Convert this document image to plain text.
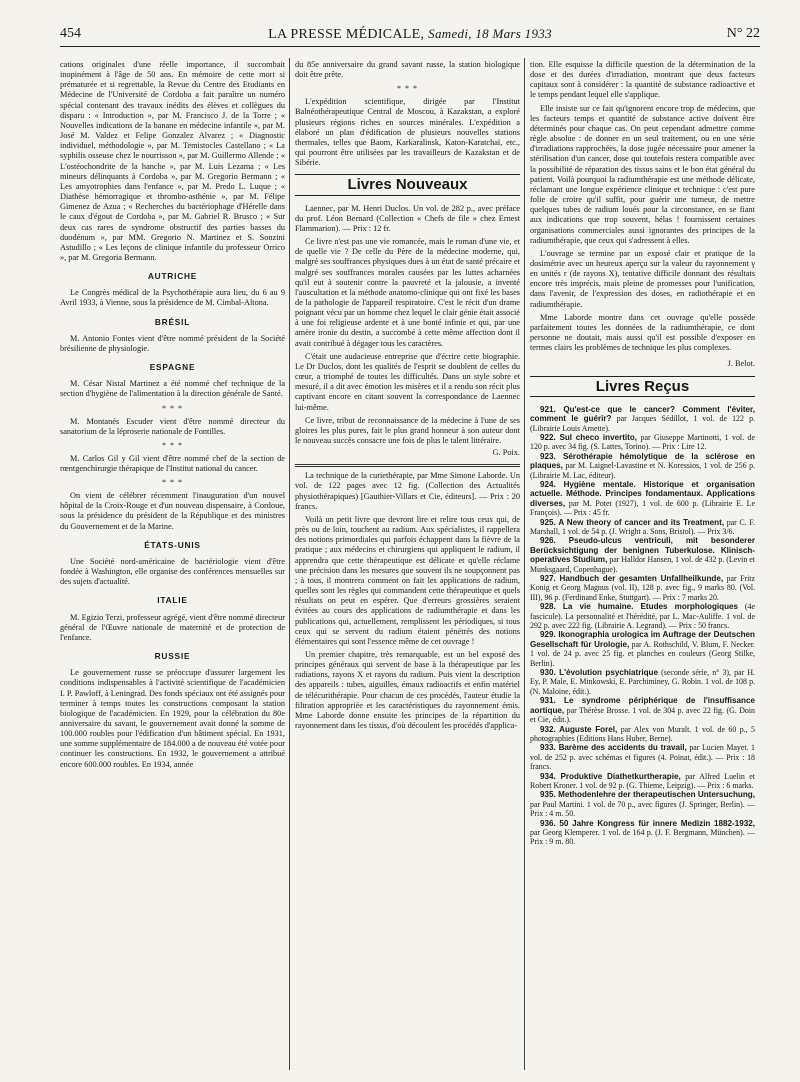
454	LA PRESSE MÉDICALE, Samedi, 18 Mars 1933	N° 22

cations originales d'une réelle importance, il succombait inopinément à l'âge de 50 ans. En mémoire de cette mort si prématurée et si regrettable, la Revue du Centre des Etudiants en Médecine de l'Université de Cordoba a fait paraître un numéro spécial contenant des travaux inédits des élèves et collègues du disparu : « Introduction », par M. Francisco J. de la Torre ; « Nouvelles indications de la banane en médecine infantile », par M. José M. Valdez et Felipe Gonzalez Alvarez ; « Diagnostic individuel, méthodologie », par M. Temistocles Castellano ; « La syphilis osseuse chez le nourrisson », par M. Guillermo Allende ; « L'ostéochondrite de la hanche », par M. Luis Lezama ; « Les mineurs délinquants à Cordoba », par M. Gregorio Bermann ; « Les amyotrophies dans l'enfance », par M. Predo L. Luque ; « Diathèse hémorragique et thrombo-asthénie », par M. Félipe Gimenez de Azua ; « Recherches du bactériophage d'Hérelle dans le caux d'égout de Cordoba », par M. Gabriel R. Brusco ; « Sur deux cas rares de syndrome obstructif des parties basses du duodénum », par MM. Gregorio N. Martinez et S. Sonzini Astudillo ; « Les leçons de clinique infantile du professeur Orrico », par M. Gregoria Bermann.

AUTRICHE

Le Congrès médical de la Psychothérapie aura lieu, du 6 au 9 Avril 1933, à Vienne, sous la présidence de M. Cimbal-Altona.

BRÉSIL

M. Antonio Fontes vient d'être nommé président de la Société brésilienne de physiologie.

ESPAGNE

M. César Nistal Martinez a été nommé chef technique de la section d'hygiène de l'alimentation à la direction générale de Santé.

* * *

M. Montanés Escuder vient d'être nommé directeur du sanatorium de la léproserie nationale de Fontilles.

* * *

M. Carlos Gil y Gil vient d'être nommé chef de la section de rœntgenchirurgie thérapique de l'Institut national du cancer.

* * *

On vient de célébrer récemment l'inauguration d'un nouvel hôpital de la Croix-Rouge et d'un nouveau dispensaire, à Cordoue, sous la présidence du président de la République et des ministres du Gouvernement et de la Marine.

ÉTATS-UNIS

Une Société nord-américaine de bactériologie vient d'être fondée à Washington, elle organise des conférences mensuelles sur des sujets d'actualité.

ITALIE

M. Egizio Terzi, professeur agrégé, vient d'être nommé directeur général de l'Œuvre nationale de maternité et de protection de l'enfance.

RUSSIE

Le gouvernement russe se préoccupe d'assurer largement les conditions indispensables à l'activité scientifique de l'académicien I. P. Pawloff, à Leningrad. Des fonds spéciaux ont été assignés pour terminer à temps toutes les constructions composant la station biologique de l'académicien. En 1929, pour la célébration du 80e anniversaire du savant, le gouvernement avait donné la somme de 100.000 roubles pour l'édification d'un bâtiment spécial. En 1931, une somme supplémentaire de 184.000 a de nouveau été votée pour continuer les constructions. En 1932, le gouvernement a attribué encore 600.000 roubles. En 1934, année

du 85e anniversaire du grand savant russe, la station biologique doit être prête.

* * *

L'expédition scientifique, dirigée par l'Institut Balnéothérapeutique Central de Moscou, à Kazakstan, a exploré plusieurs régions riches en sources minérales. L'expédition a élaboré un plan d'édification de plusieurs nouvelles stations thermales, telles que Baom, Karkaralinsk, Katon-Karatchaï, etc., qui pourront être utilisées par les travailleurs de Kazakstan et de Sibérie.

Livres Nouveaux

Laennec, par M. Henri Duclos. Un vol. de 282 p., avec préface du prof. Léon Bernard (Collection « Chefs de file » chez Ernest Flammarion). — Prix : 12 fr.

Ce livre n'est pas une vie romancée, mais le roman d'une vie, et de quelle vie ? De celle du Père de la médecine moderne, qui, malgré ses souffrances physiques dues à un état de santé précaire et malgré ses souffrances morales causées par les luttes acharnées qu'il eut à soutenir contre la pauvreté et la jalousie, a inventé l'auscultation et la méthode anatomo-clinique qui ont fixé les bases de la pathologie de l'appareil respiratoire. C'est le récit d'un drame poignant vécu par un homme chez lequel le clair génie était associé à une foi religieuse ardente et à une bonté infinie et qui, par une amère ironie du destin, a succombé à cette même affection dont il avait contribué à dégager tous les caractères.

C'était une audacieuse entreprise que d'écrire cette biographie. Le Dr Duclos, dont les qualités de l'esprit se doublent de celles du cœur, a triomphé de toutes les difficultés. Dans un style sobre et mesuré, il a dit avec émotion les misères et il a rendu son récit plus captivant encore en citant souvent la correspondance de Laennec lui-même.

Ce livre, tribut de reconnaissance de la médecine à l'une de ses gloires les plus pures, fait le plus grand honneur à son auteur dont le nouveau succès consacre une fois de plus le talent littéraire.

G. Poix.

La technique de la curiethérapie, par Mme Simone Laborde. Un vol. de 122 pages avec 12 fig. (Collection des Actualités physiothérapiques) [Gauthier-Villars et Cie, éditeurs]. — Prix : 20 francs.

Voilà un petit livre que devront lire et relire tous ceux qui, de près ou de loin, touchent au radium. Aux spécialistes, il rappellera des notions primordiales qui parfois échappent dans la fièvre de la pratique ; aux médecins et chirurgiens qui appliquent le radium, il apprendra que cette thérapeutique est délicate et qu'elle réclame une précision dans les mesures que souvent ils ne soupçonnent pas ; à tous, il montrera comment on fait les applications de radium, quelles sont les règles qui commandent cette thérapeutique et quels résultats on peut en espérer. Que d'erreurs grossières seraient évitées au cours des applications de radiumthérapie et dans les publications qui, actuellement, remplissent les périodiques, si tous ceux qui se servent du radium étaient pénétrés des notions élémentaires qui sont l'essence même de cet ouvrage !

Un premier chapitre, très remarquable, est un bel exposé des principes généraux qui servent de base à la thérapeutique par les radiations, rayons X et rayons du radium. Puis vient la description des appareils : tubes, aiguilles, émaux radioactifs et enfin matériel de télécurithérapie. Pour chacun de ces procédés, l'auteur étudie la filtration appropriée et les caractéristiques du rayonnement émis. Mme Laborde donne ensuite les principes de la répartition du rayonnement dans les tissus, d'où découlent les procédés d'applica-

tion. Elle esquisse la difficile question de la détermination de la dose et des durées d'irradiation, montrant que deux facteurs capitaux sont à considérer : la quantité de substance radioactive et le temps pendant lequel elle s'applique.

Elle insiste sur ce fait qu'ignorent encore trop de médecins, que les facteurs temps et quantité de substance active doivent être déterminés pour chaque cas. On peut cependant admettre comme règle absolue : de donner en un seul traitement, ou en une série d'irradiations rapprochées, la dose jugée nécessaire pour amener la stérilisation d'un cancer, dose qui toutefois restera compatible avec la possibilité de réparation des tissus sains et le bon état général du patient. Voilà pourquoi la radiumthérapie est une méthode délicate, réclamant une longue expérience clinique et technique : c'est pure folie de croire qu'il suffit, pour guérir une tumeur, de mettre quelques tubes de radium loués pour la circonstance, en se fiant aux indications que trop souvent, hélas ! fournissent certaines organisations commerciales aussi ignorantes des principes de la radiumthérapie, que ceux qui s'adressent à elles.

L'ouvrage se termine par un exposé clair et pratique de la dosimétrie avec un heureux aperçu sur la valeur du rayonnement γ en unités r (de rayons X), tentative difficile donnant des résultats encore très imprécis, mais pleine de promesses pour l'unification, dans l'avenir, de l'expression des doses, en radiothérapie et en radiumthérapie.

Mme Laborde montre dans cet ouvrage qu'elle possède parfaitement toutes les données de la radiumthérapie, ce dont personne ne doutait, mais aussi qu'il est possible d'exposer en termes clairs les problèmes de technique les plus complexes.

J. Belot.
Livres Reçus

921. Qu'est-ce que le cancer? Comment l'éviter, comment le guérir? par Jacques Sédillot, 1 vol. de 122 p. (Librairie Louis Arnette).

922. Sul checo invertito, par Giuseppe Martinotti, 1 vol. de 120 p. avec 34 fig. (S. Lattes, Torino). — Prix : Lire 12.

923. Sérothérapie hémolytique de la sclérose en plaques, par M. Laignel-Lavastine et N. Koressios, 1 vol. de 256 p. (Librairie M. Lac, éditeur).

924. Hygiène mentale. Historique et organisation actuelle. Méthode. Principes fondamentaux. Applications diverses, par M. Potet (1927), 1 vol. de 600 p. (Librairie E. Le François). — Prix : 45 fr.

925. A New theory of cancer and its Treatment, par C. F. Marshall, 1 vol. de 54 p. (J. Wright a. Sons, Bristol). — Prix 3/6.

926. Pseudo-ulcus ventriculi, mit besonderer Berücksichtigung der benignen Tuberkulose. Klinisch-operatives Studium, par Halldor Hansen, 1 vol. de 432 p. (Levin et Munksgaard, Copenhague).

927. Handbuch der gesamten Unfallheilkunde, par Fritz Konig et Georg Magnus (vol. II), 128 p. avec fig., 9 marks 80. (Vol. III), 96 p. (Ferdinand Enke, Stuttgart). — Prix : 7 marks 20.

928. La vie humaine. Etudes morphologiques (4e fascicule). La personnalité et l'hérédité, par L. Mac-Auliffe. 1 vol. de 292 p. avec 222 fig. (Librairie A. Legrand). — Prix : 50 francs.

929. Ikonographia urologica im Auftrage der Deutschen Gesellschaft für Urologie, par A. Rothschild, V. Blum, F. Necker. 1 vol. de 24 p. avec 25 fig. et planches en couleurs (Georg Stilke, Berlin).

930. L'évolution psychiatrique (seconde série, n° 3), par H. Ey, P. Male, E. Minkowski, E. Parchiminey, G. Robin. 1 vol. de 108 p. (N. Maloine, édit.).

931. Le syndrome périphérique de l'insuffisance aortique, par Thérèse Brosse. 1 vol. de 304 p. avec 22 fig. (G. Doin et Cie, édit.).

932. Auguste Forel, par Alex von Muralt. 1 vol. de 60 p., 5 photographies (Editions Hans Huber, Berne).

933. Barème des accidents du travail, par Lucien Mayet. 1 vol. de 252 p. avec schémas et figures (4. Poinat, édit.). — Prix : 18 francs.

934. Produktive Diathetkurtherapie, par Alfred Luelin et Robert Kroner. 1 vol. de 92 p. (G. Thieme, Leipzig). — Prix : 6 marks.

935. Methodenlehre der therapeutischen Untersuchung, par Paul Martini. 1 vol. de 70 p., avec figures (J. Springer, Berlin). — Prix : 4 m. 50.

936. 50 Jahre Kongress für innere Medizin 1882-1932, par Georg Klemperer. 1 vol. de 164 p. (J. F. Bergmann, München). — Prix : 9 m. 80.
